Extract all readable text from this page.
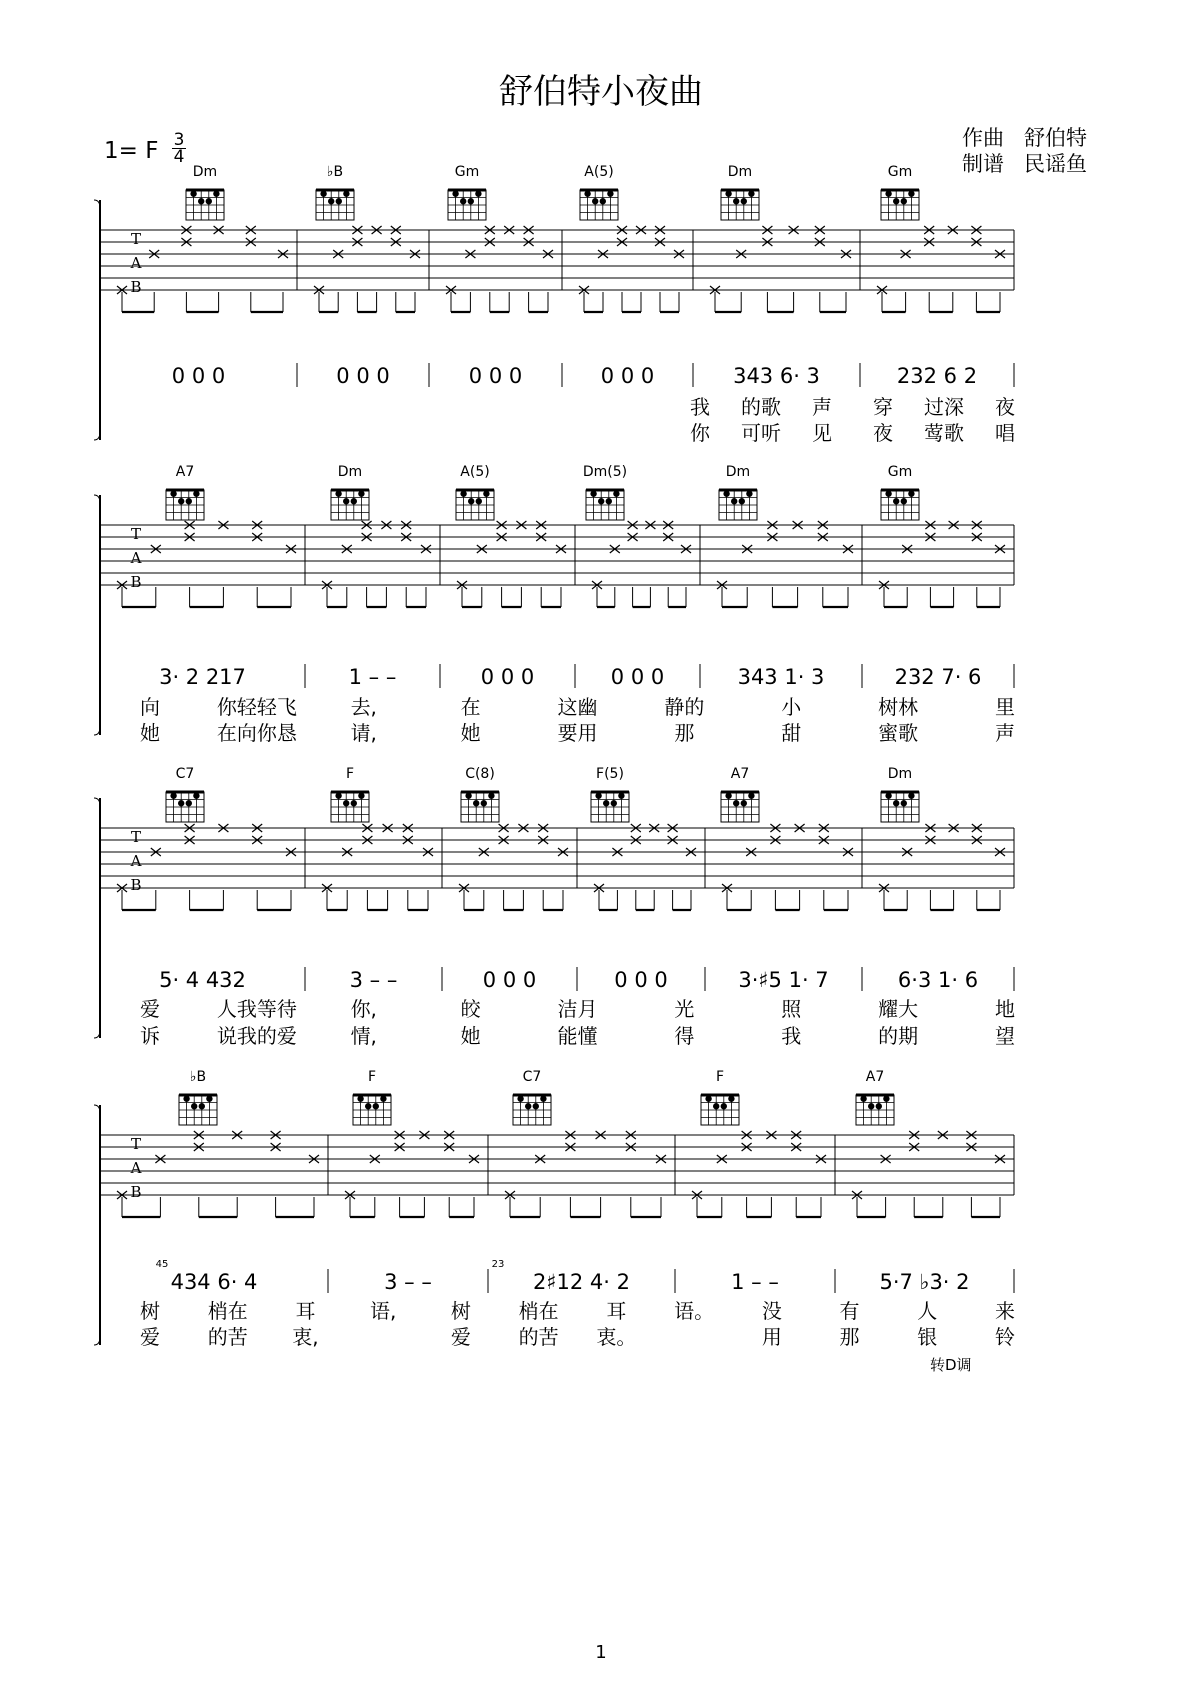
Dm	♭B	Gm	A(5)	Dm	Gm
T
A
B
0 0 0	0 0 0	0 0 0	0 0 0	343 6· 3	232 6 2
我 的歌 声 穿 过深 夜
你 可听 见 夜 莺歌 唱
A7	Dm	A(5)	Dm(5)	Dm	Gm
T
A
B
3· 2 217	1 – –	0 0 0	0 0 0	343 1· 3	232 7· 6
向	你轻轻飞	去,	在	这幽	静的	小	树林	里
她	在向你恳	请,	她	要用	那	甜	蜜歌	声
C7	F	C(8)	F(5)	A7	Dm
T
A
B
5· 4 432	3 – –	0 0 0	0 0 0	3·♯5 1· 7	6·3 1· 6
爱	人我等待	你,	皎	洁月	光	照	耀大	地
诉	说我的爱	情,	她	能懂	得	我	的期	望
♭B	F	C7	F	A7
T
A
B
434 6· 4	3 – –	2♯12 4· 2	1 – –	5·7 ♭3· 2
树 梢在 耳	语,	树 梢在 耳 语。 没	有	人	来
爱 的苦 衷,	爱 的苦 衷。	用	那	银	铃
45	23
舒伯特小夜曲
1= F 3
4
作曲 舒伯特
制谱 民谣鱼
转D调
1
